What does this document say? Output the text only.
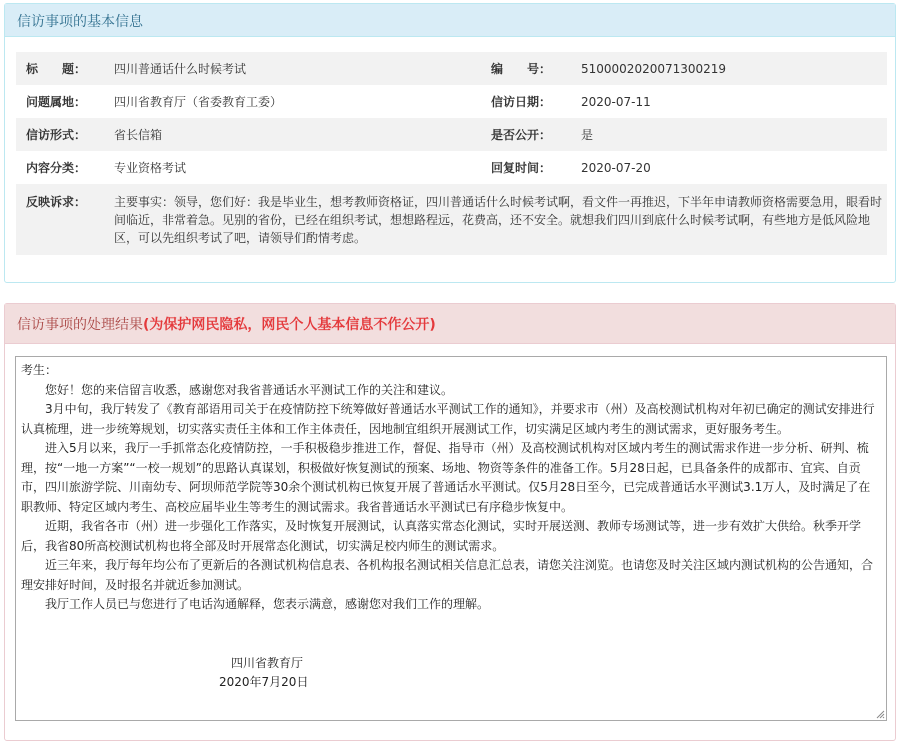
信访事项的基本信息
标　　题：	四川普通话什么时候考试	编　　号：	5100002020071300219
问题属地：	四川省教育厅（省委教育工委）	信访日期：	2020-07-11
信访形式：	省长信箱	是否公开：	是
内容分类：	专业资格考试	回复时间：	2020-07-20
反映诉求：	主要事实：领导，您们好：我是毕业生，想考教师资格证，四川普通话什么时候考试啊，看文件一再推迟，下半年申请教师资格需要急用，眼看时间临近，非常着急。见别的省份，已经在组织考试，想想路程远，花费高，还不安全。就想我们四川到底什么时候考试啊，有些地方是低风险地区，可以先组织考试了吧，请领导们酌情考虑。		
信访事项的处理结果(为保护网民隐私，网民个人基本信息不作公开)

考生：

您好！您的来信留言收悉，感谢您对我省普通话水平测试工作的关注和建议。

3月中旬，我厅转发了《教育部语用司关于在疫情防控下统筹做好普通话水平测试工作的通知》，并要求市（州）及高校测试机构对年初已确定的测试安排进行认真梳理，进一步统筹规划，切实落实责任主体和工作主体责任，因地制宜组织开展测试工作，切实满足区域内考生的测试需求，更好服务考生。

进入5月以来，我厅一手抓常态化疫情防控，一手积极稳步推进工作，督促、指导市（州）及高校测试机构对区域内考生的测试需求作进一步分析、研判、梳理，按“一地一方案”“一校一规划”的思路认真谋划，积极做好恢复测试的预案、场地、物资等条件的准备工作。5月28日起，已具备条件的成都市、宜宾、自贡市，四川旅游学院、川南幼专、阿坝师范学院等30余个测试机构已恢复开展了普通话水平测试。仅5月28日至今，已完成普通话水平测试3.1万人，及时满足了在职教师、特定区域内考生、高校应届毕业生等考生的测试需求。我省普通话水平测试已有序稳步恢复中。

近期，我省各市（州）进一步强化工作落实，及时恢复开展测试，认真落实常态化测试，实时开展送测、教师专场测试等，进一步有效扩大供给。秋季开学后，我省80所高校测试机构也将全部及时开展常态化测试，切实满足校内师生的测试需求。

近三年来，我厅每年均公布了更新后的各测试机构信息表、各机构报名测试相关信息汇总表，请您关注浏览。也请您及时关注区域内测试机构的公告通知，合理安排好时间，及时报名并就近参加测试。

我厅工作人员已与您进行了电话沟通解释，您表示满意，感谢您对我们工作的理解。

四川省教育厅

2020年7月20日
